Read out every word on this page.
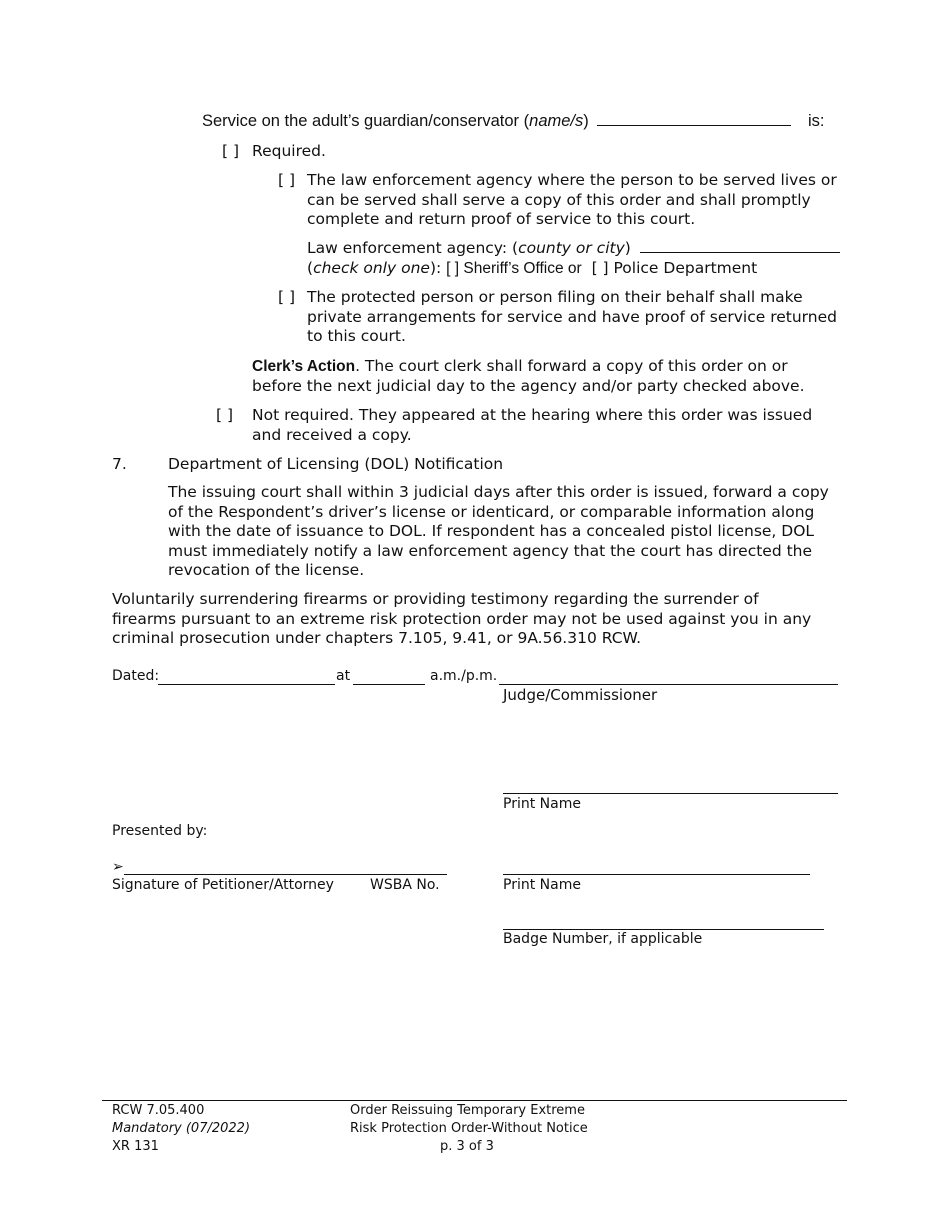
Service on the adult’s guardian/conservator (name/s)	is:
[ ] Required.
[ ] The law enforcement agency where the person to be served lives or can be served shall serve a copy of this order and shall promptly complete and return proof of service to this court.
Law enforcement agency: (county or city)
(check only one): [ ] Sheriff’s Office or [ ] Police Department
[ ] The protected person or person filing on their behalf shall make private arrangements for service and have proof of service returned to this court.
Clerk’s Action. The court clerk shall forward a copy of this order on or before the next judicial day to the agency and/or party checked above.
[ ] Not required. They appeared at the hearing where this order was issued and received a copy.
7.	Department of Licensing (DOL) Notification
The issuing court shall within 3 judicial days after this order is issued, forward a copy of the Respondent’s driver’s license or identicard, or comparable information along with the date of issuance to DOL. If respondent has a concealed pistol license, DOL must immediately notify a law enforcement agency that the court has directed the revocation of the license.
Voluntarily surrendering firearms or providing testimony regarding the surrender of firearms pursuant to an extreme risk protection order may not be used against you in any criminal prosecution under chapters 7.105, 9.41, or 9A.56.310 RCW.
Dated:	at	a.m./p.m.
Judge/Commissioner
Print Name
Presented by:
➢
Signature of Petitioner/Attorney	WSBA No.	Print Name
Badge Number, if applicable
RCW 7.05.400
Mandatory (07/2022)
XR 131
Order Reissuing Temporary Extreme
Risk Protection Order-Without Notice
p. 3 of 3
